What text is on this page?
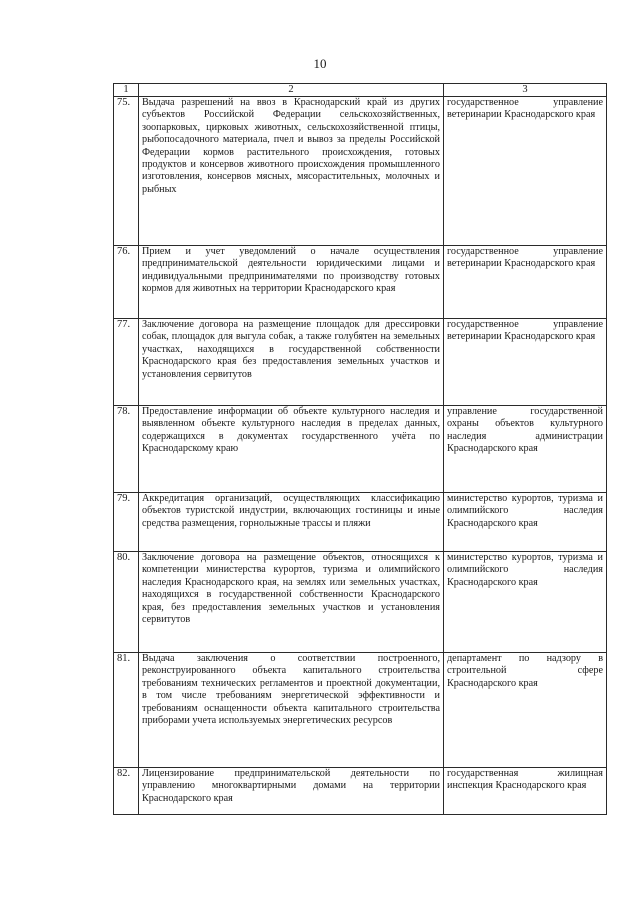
10
1	2	3
75.	Выдача разрешений на ввоз в Краснодарский край из других субъектов Российской Федерации сельскохозяйственных, зоопарковых, цирковых животных, сельскохозяйственной птицы, рыбопосадочного материала, пчел и вывоз за пределы Российской Федерации кормов растительного происхождения, готовых продуктов и консервов животного происхождения промышленного изготовления, консервов мясных, мясорастительных, молочных и рыбных	государственное управление ветеринарии Краснодарского края
76.	Прием и учет уведомлений о начале осуществления предпринимательской деятельности юридическими лицами и индивидуальными предпринимателями по производству готовых кормов для животных на территории Краснодарского края	государственное управление ветеринарии Краснодарского края
77.	Заключение договора на размещение площадок для дрессировки собак, площадок для выгула собак, а также голубятен на земельных участках, находящихся в государственной собственности Краснодарского края без предоставления земельных участков и установления сервитутов	государственное управление ветеринарии Краснодарского края
78.	Предоставление информации об объекте культурного наследия и выявленном объекте культурного наследия в пределах данных, содержащихся в документах государственного учёта по Краснодарскому краю	управление государственной охраны объектов культурного наследия администрации Краснодарского края
79.	Аккредитация организаций, осуществляющих классификацию объектов туристской индустрии, включающих гостиницы и иные средства размещения, горнолыжные трассы и пляжи	министерство курортов, туризма и олимпийского наследия Краснодарского края
80.	Заключение договора на размещение объектов, относящихся к компетенции министерства курортов, туризма и олимпийского наследия Краснодарского края, на землях или земельных участках, находящихся в государственной собственности Краснодарского края, без предоставления земельных участков и установления сервитутов	министерство курортов, туризма и олимпийского наследия Краснодарского края
81.	Выдача заключения о соответствии построенного, реконструированного объекта капитального строительства требованиям технических регламентов и проектной документации, в том числе требованиям энергетической эффективности и требованиям оснащенности объекта капитального строительства приборами учета используемых энергетических ресурсов	департамент по надзору в строительной сфере Краснодарского края
82.	Лицензирование предпринимательской деятельности по управлению многоквартирными домами на территории Краснодарского края	государственная жилищная инспекция Краснодарского края
